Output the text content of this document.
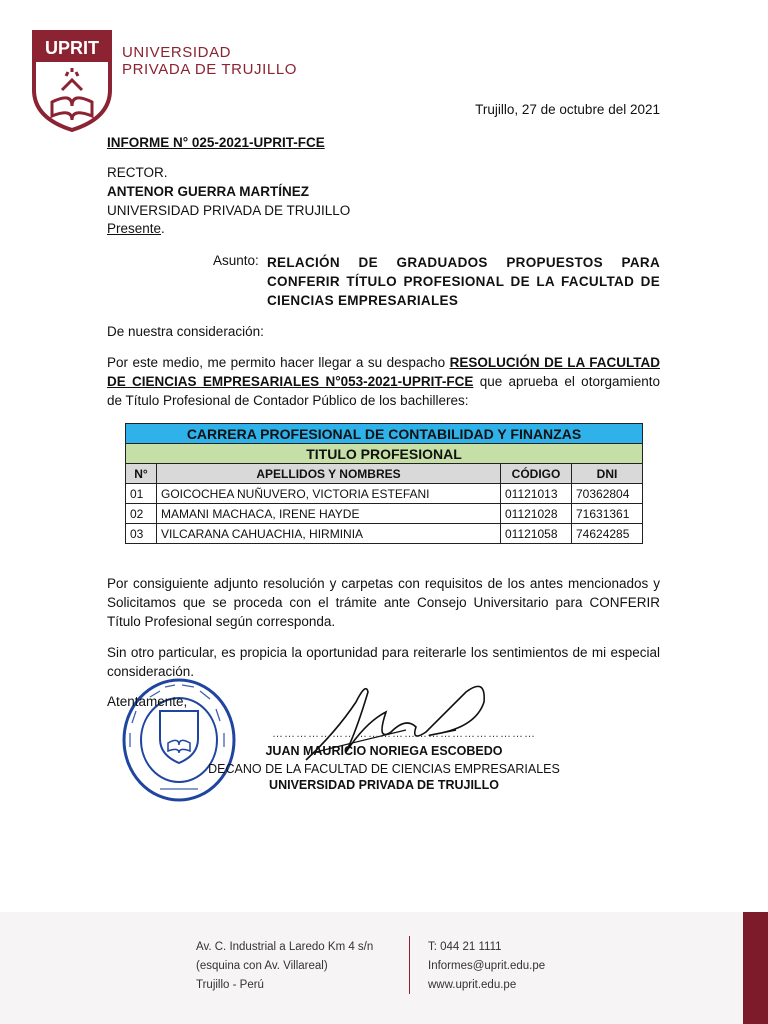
UPRIT UNIVERSIDAD
PRIVADA DE TRUJILLO
Trujillo, 27 de octubre del 2021
INFORME N° 025-2021-UPRIT-FCE
RECTOR.
ANTENOR GUERRA MARTÍNEZ
UNIVERSIDAD PRIVADA DE TRUJILLO
Presente.
Asunto: RELACIÓN DE GRADUADOS PROPUESTOS PARA CONFERIR TÍTULO PROFESIONAL DE LA FACULTAD DE CIENCIAS EMPRESARIALES
De nuestra consideración:
Por este medio, me permito hacer llegar a su despacho RESOLUCIÓN DE LA FACULTAD DE CIENCIAS EMPRESARIALES N°053-2021-UPRIT-FCE que aprueba el otorgamiento de Título Profesional de Contador Público de los bachilleres:
CARRERA PROFESIONAL DE CONTABILIDAD Y FINANZAS			
TITULO PROFESIONAL			
N°	APELLIDOS Y NOMBRES	CÓDIGO	DNI
01	GOICOCHEA NUÑUVERO, VICTORIA ESTEFANI	01121013	70362804
02	MAMANI MACHACA, IRENE HAYDE	01121028	71631361
03	VILCARANA CAHUACHIA, HIRMINIA	01121058	74624285
Por consiguiente adjunto resolución y carpetas con requisitos de los antes mencionados y Solicitamos que se proceda con el trámite ante Consejo Universitario para CONFERIR Título Profesional según corresponda.
Sin otro particular, es propicia la oportunidad para reiterarle los sentimientos de mi especial consideración.
Atentamente,
…………………………………………………………
JUAN MAURICIO NORIEGA ESCOBEDO
DECANO DE LA FACULTAD DE CIENCIAS EMPRESARIALES
UNIVERSIDAD PRIVADA DE TRUJILLO
Av. C. Industrial a Laredo Km 4 s/n
(esquina con Av. Villareal)
Trujillo - Perú
T: 044 21 1111
Informes@uprit.edu.pe
www.uprit.edu.pe
